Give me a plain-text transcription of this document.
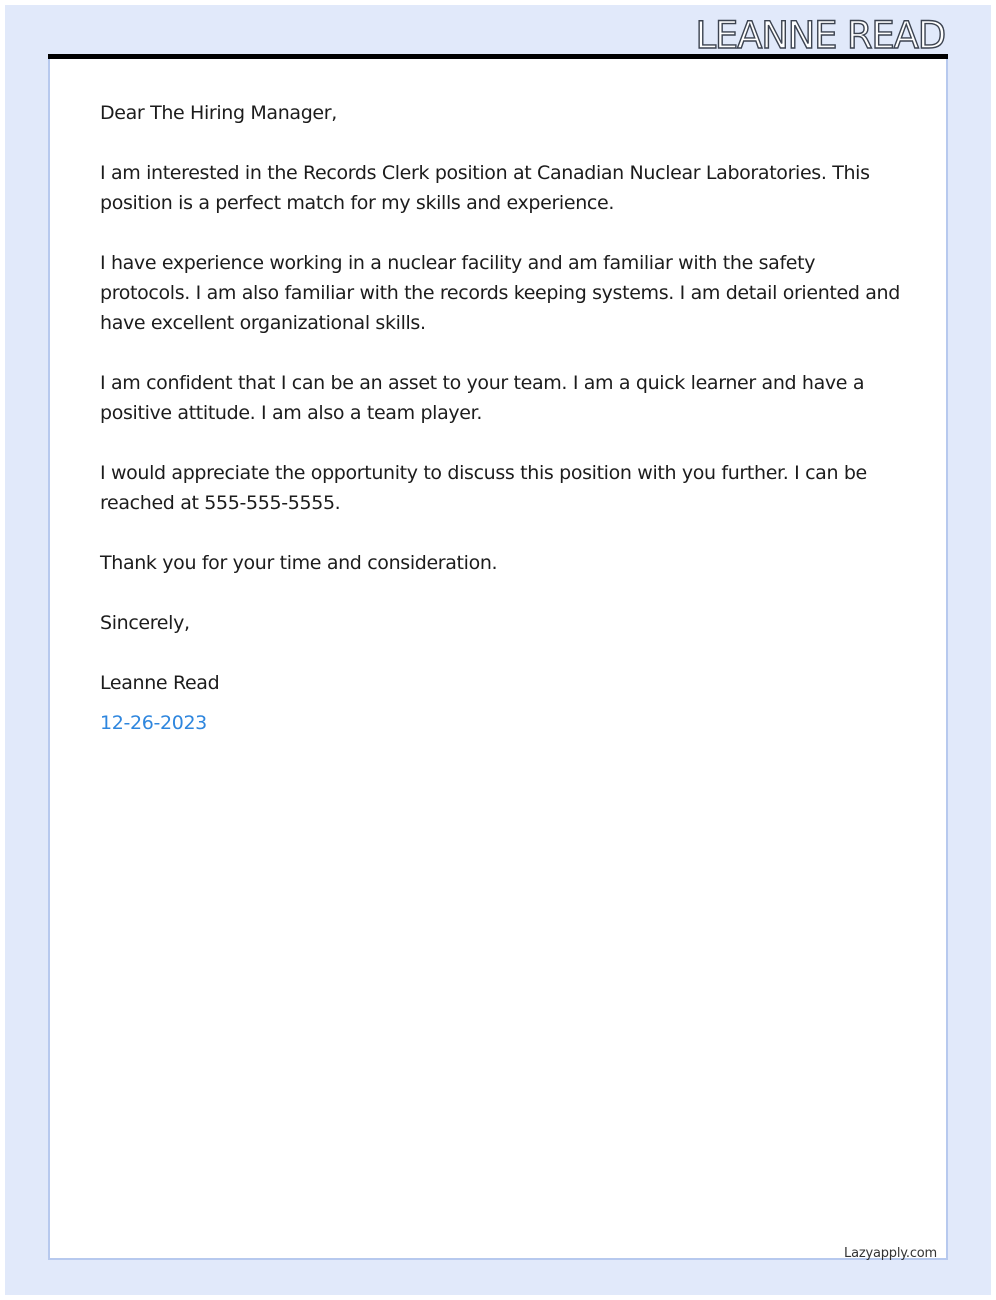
LEANNE READ

Dear The Hiring Manager,

I am interested in the Records Clerk position at Canadian Nuclear Laboratories. This position is a perfect match for my skills and experience.

I have experience working in a nuclear facility and am familiar with the safety protocols. I am also familiar with the records keeping systems. I am detail oriented and have excellent organizational skills.

I am confident that I can be an asset to your team. I am a quick learner and have a positive attitude. I am also a team player.

I would appreciate the opportunity to discuss this position with you further. I can be reached at 555-555-5555.

Thank you for your time and consideration.

Sincerely,

Leanne Read

12-26-2023

Lazyapply.com
